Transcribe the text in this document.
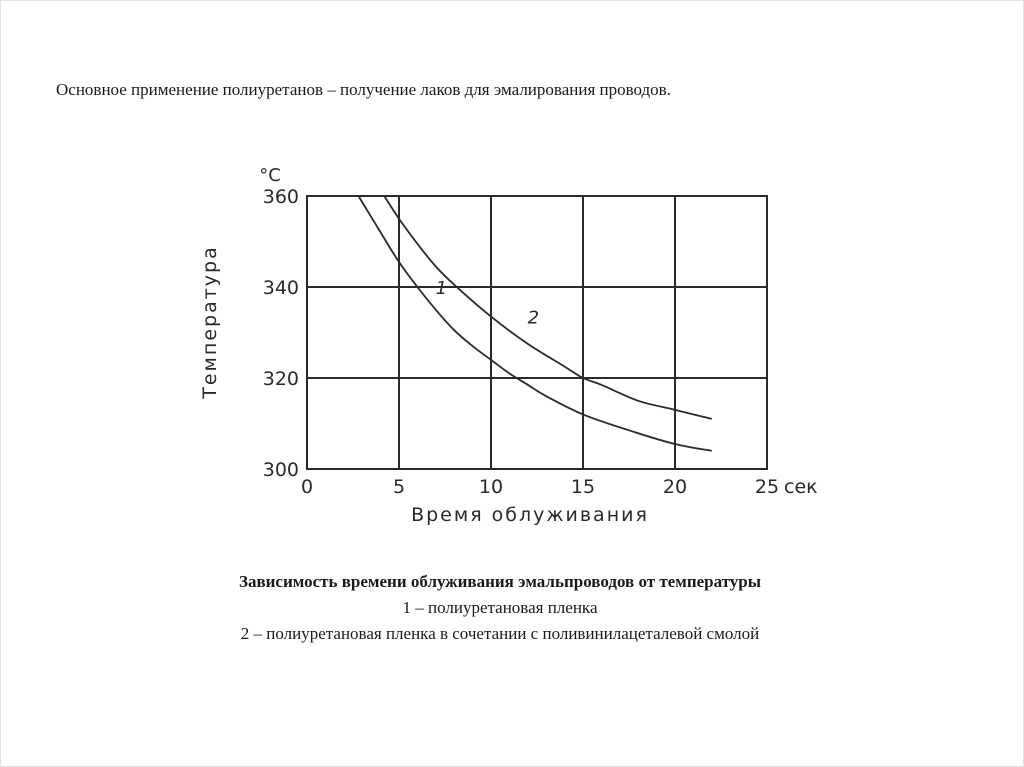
Основное применение полиуретанов – получение лаков для эмалирования проводов.
1
2
°C
сек
Температура
Время облуживания
0	5	10	15	20	25
300
320
340
360
Зависимость времени облуживания эмальпроводов от температуры
1 – полиуретановая пленка
2 – полиуретановая пленка в сочетании с поливинилацеталевой смолой
